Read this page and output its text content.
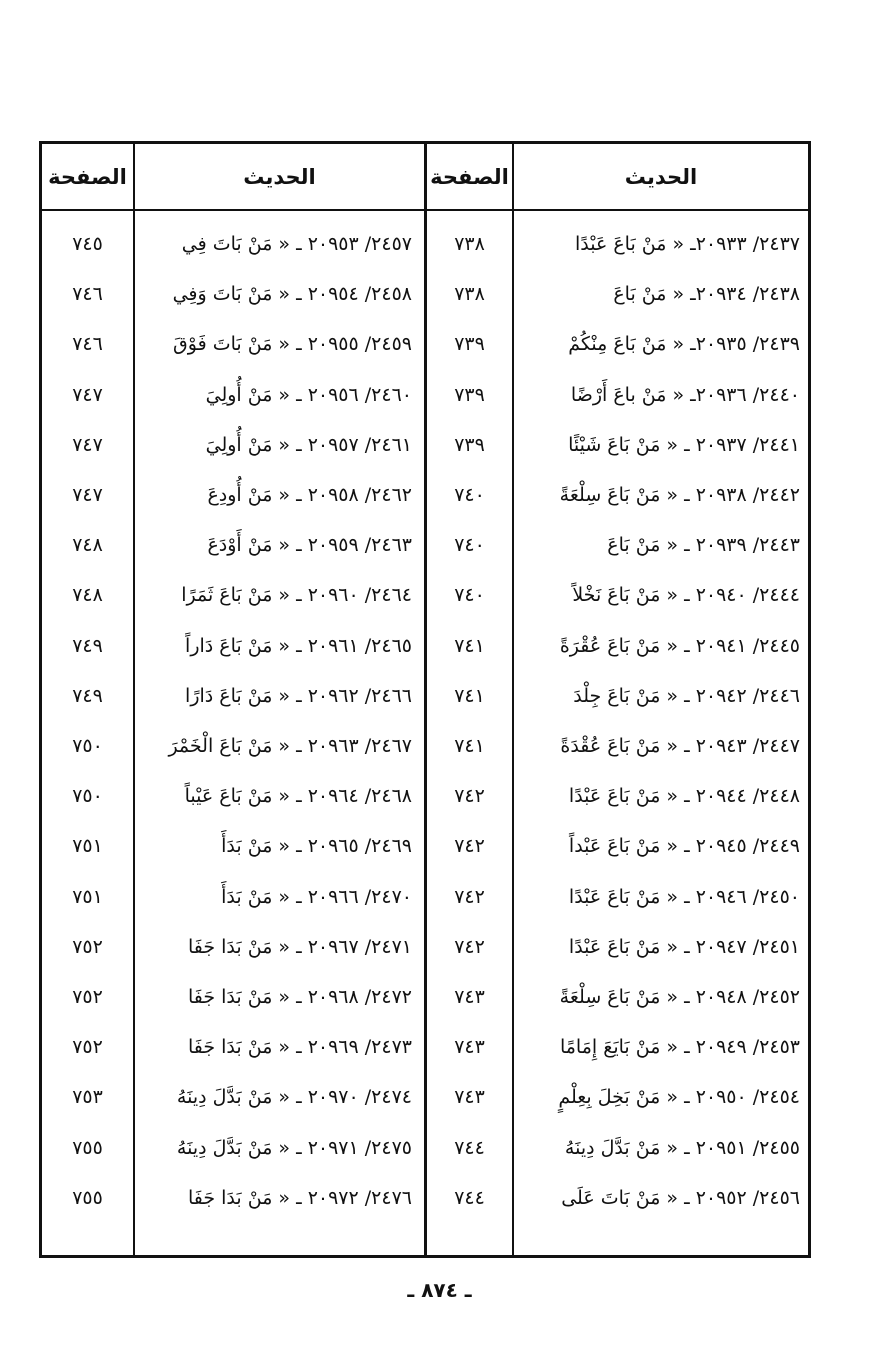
الحديث
الصفحة
الحديث
الصفحة
٢٤٣٧/ ٢٠٩٣٣ـ « مَنْ بَاعَ عَبْدًا
٧٣٨
٢٤٥٧/ ٢٠٩٥٣ ـ « مَنْ بَاتَ فِي
٧٤٥
٢٤٣٨/ ٢٠٩٣٤ـ « مَنْ بَاعَ
٧٣٨
٢٤٥٨/ ٢٠٩٥٤ ـ « مَنْ بَاتَ وَفِي
٧٤٦
٢٤٣٩/ ٢٠٩٣٥ـ « مَنْ بَاعَ مِنْكُمْ
٧٣٩
٢٤٥٩/ ٢٠٩٥٥ ـ « مَنْ بَاتَ فَوْقَ
٧٤٦
٢٤٤٠/ ٢٠٩٣٦ـ « مَنْ باعَ أَرْضًا
٧٣٩
٢٤٦٠/ ٢٠٩٥٦ ـ « مَنْ أُولِيَ
٧٤٧
٢٤٤١/ ٢٠٩٣٧ ـ « مَنْ بَاعَ شَيْئًا
٧٣٩
٢٤٦١/ ٢٠٩٥٧ ـ « مَنْ أُولِيَ
٧٤٧
٢٤٤٢/ ٢٠٩٣٨ ـ « مَنْ بَاعَ سِلْعَةً
٧٤٠
٢٤٦٢/ ٢٠٩٥٨ ـ « مَنْ أُودِعَ
٧٤٧
٢٤٤٣/ ٢٠٩٣٩ ـ « مَنْ بَاعَ
٧٤٠
٢٤٦٣/ ٢٠٩٥٩ ـ « مَنْ أَوْدَعَ
٧٤٨
٢٤٤٤/ ٢٠٩٤٠ ـ « مَنْ بَاعَ نَخْلاً
٧٤٠
٢٤٦٤/ ٢٠٩٦٠ ـ « مَنْ بَاعَ ثَمَرًا
٧٤٨
٢٤٤٥/ ٢٠٩٤١ ـ « مَنْ بَاعَ عُقْرَةً
٧٤١
٢٤٦٥/ ٢٠٩٦١ ـ « مَنْ بَاعَ دَاراً
٧٤٩
٢٤٤٦/ ٢٠٩٤٢ ـ « مَنْ بَاعَ جِلْدَ
٧٤١
٢٤٦٦/ ٢٠٩٦٢ ـ « مَنْ بَاعَ دَارًا
٧٤٩
٢٤٤٧/ ٢٠٩٤٣ ـ « مَنْ بَاعَ عُقْدَةً
٧٤١
٢٤٦٧/ ٢٠٩٦٣ ـ « مَنْ بَاعَ الْخَمْرَ
٧٥٠
٢٤٤٨/ ٢٠٩٤٤ ـ « مَنْ بَاعَ عَبْدًا
٧٤٢
٢٤٦٨/ ٢٠٩٦٤ ـ « مَنْ بَاعَ عَيْباً
٧٥٠
٢٤٤٩/ ٢٠٩٤٥ ـ « مَنْ بَاعَ عَبْداً
٧٤٢
٢٤٦٩/ ٢٠٩٦٥ ـ « مَنْ بَدَأَ
٧٥١
٢٤٥٠/ ٢٠٩٤٦ ـ « مَنْ بَاعَ عَبْدًا
٧٤٢
٢٤٧٠/ ٢٠٩٦٦ ـ « مَنْ بَدَأَ
٧٥١
٢٤٥١/ ٢٠٩٤٧ ـ « مَنْ بَاعَ عَبْدًا
٧٤٢
٢٤٧١/ ٢٠٩٦٧ ـ « مَنْ بَدَا جَفَا
٧٥٢
٢٤٥٢/ ٢٠٩٤٨ ـ « مَنْ بَاعَ سِلْعَةً
٧٤٣
٢٤٧٢/ ٢٠٩٦٨ ـ « مَنْ بَدَا جَفَا
٧٥٢
٢٤٥٣/ ٢٠٩٤٩ ـ « مَنْ بَايَعَ إِمَامًا
٧٤٣
٢٤٧٣/ ٢٠٩٦٩ ـ « مَنْ بَدَا جَفَا
٧٥٢
٢٤٥٤/ ٢٠٩٥٠ ـ « مَنْ بَخِلَ بِعِلْمٍ
٧٤٣
٢٤٧٤/ ٢٠٩٧٠ ـ « مَنْ بَدَّلَ دِينَهُ
٧٥٣
٢٤٥٥/ ٢٠٩٥١ ـ « مَنْ بَدَّلَ دِينَهُ
٧٤٤
٢٤٧٥/ ٢٠٩٧١ ـ « مَنْ بَدَّلَ دِينَهُ
٧٥٥
٢٤٥٦/ ٢٠٩٥٢ ـ « مَنْ بَاتَ عَلَى
٧٤٤
٢٤٧٦/ ٢٠٩٧٢ ـ « مَنْ بَدَا جَفَا
٧٥٥
ـ ٨٧٤ ـ
